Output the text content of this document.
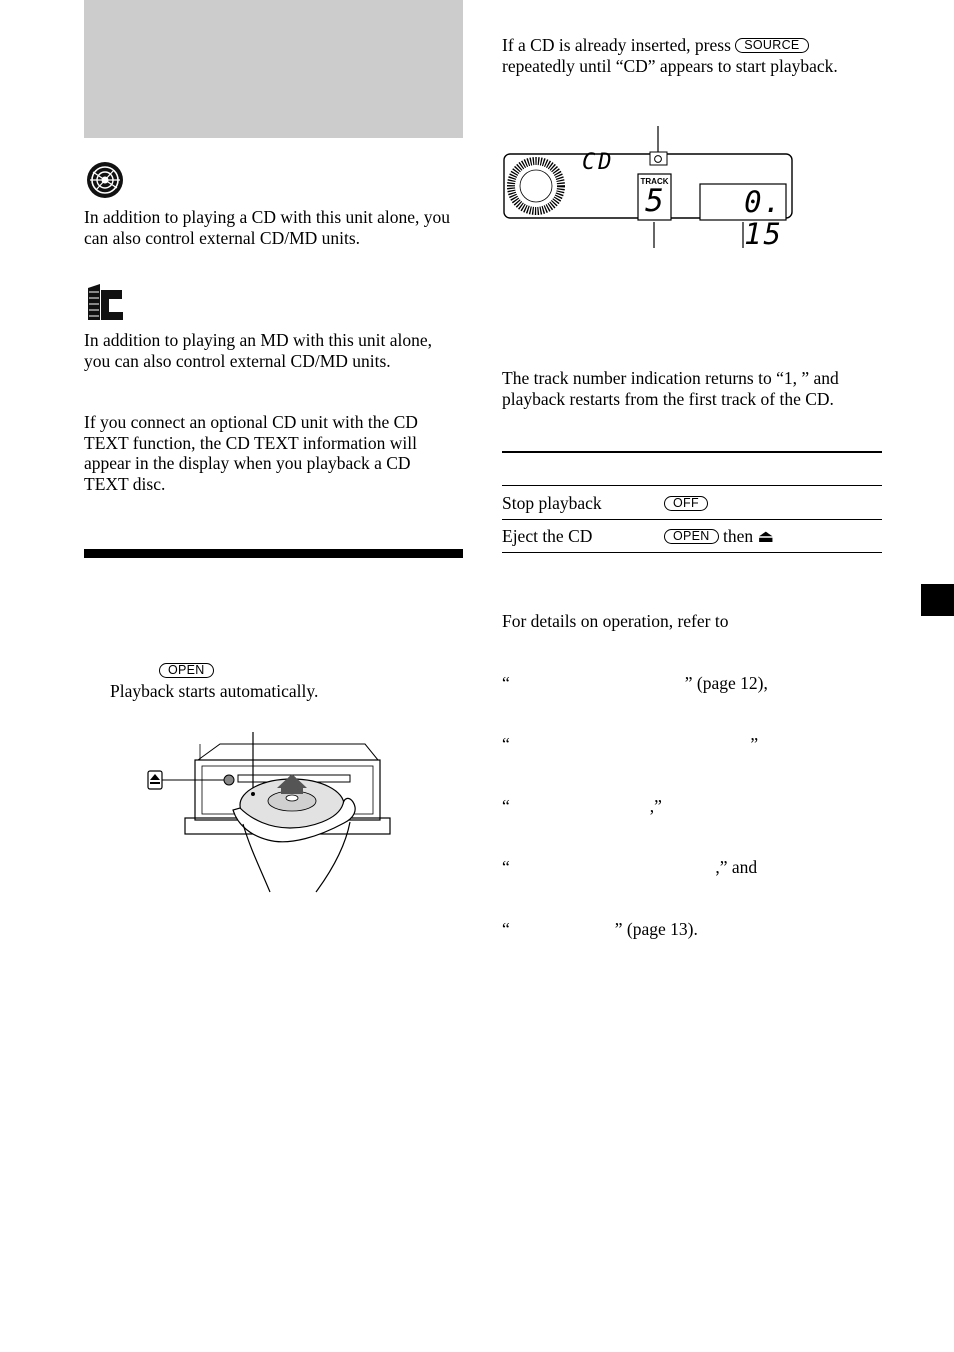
In addition to playing a CD with this unit alone, you can also control external CD/MD units.

In addition to playing an MD with this unit alone, you can also control external CD/MD units.

If you connect an optional CD unit with the CD TEXT function, the CD TEXT information will appear in the display when you playback a CD TEXT disc.

OPEN

Playback starts automatically.

If a CD is already inserted, press SOURCE repeatedly until “CD” appears to start playback.

CD
TRACK
5	0. 15

The track number indication returns to “1, ” and playback restarts from the first track of the CD.

Stop playback	OFF
Eject the CD	OPEN then ⏏

For details on operation, refer to

“                                        ” (page 12),

“                                                       ”

“                                ,”

“                                               ,” and

“                        ” (page 13).
